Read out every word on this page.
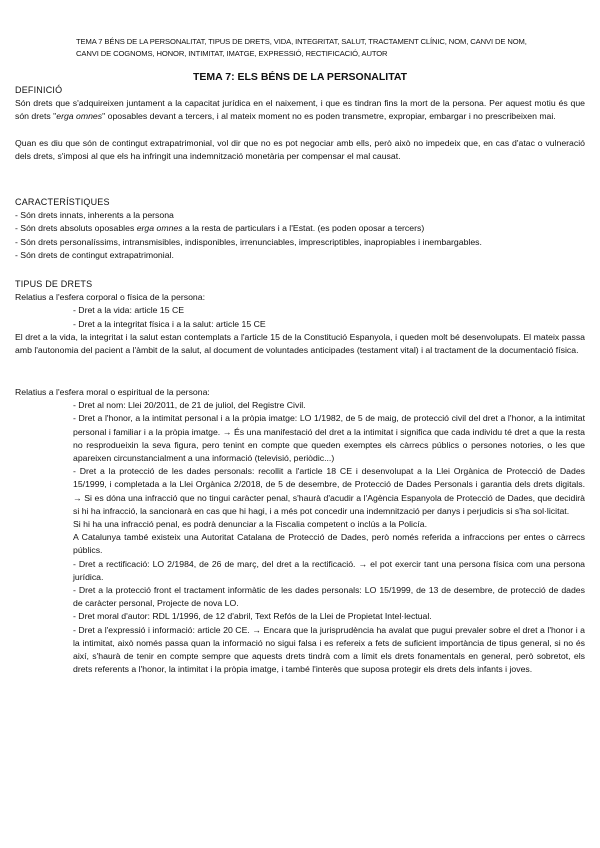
TEMA 7 BÉNS DE LA PERSONALITAT, TIPUS DE DRETS, VIDA, INTEGRITAT, SALUT, TRACTAMENT CLÍNIC, NOM, CANVI DE NOM, CANVI DE COGNOMS, HONOR, INTIMITAT, IMATGE, EXPRESSIÓ, RECTIFICACIÓ, AUTOR
TEMA 7: ELS BÉNS DE LA PERSONALITAT
DEFINICIÓ

Són drets que s'adquireixen juntament a la capacitat jurídica en el naixement, i que es tindran fins la mort de la persona. Per aquest motiu és que són drets "erga omnes" oposables devant a tercers, i al mateix moment no es poden transmetre, expropiar, embargar i no prescribeixen mai.

Quan es diu que són de contingut extrapatrimonial, vol dir que no es pot negociar amb ells, però això no impedeix que, en cas d'atac o vulneració dels drets, s'imposi al que els ha infringit una indemnització monetària per compensar el mal causat.

CARACTERÍSTIQUES

- Són drets innats, inherents a la persona

- Són drets absoluts oposables erga omnes a la resta de particulars i a l'Estat. (es poden oposar a tercers)

- Són drets personalíssims, intransmisibles, indisponibles, irrenunciables, imprescriptibles, inapropiables i inembargables.

- Són drets de contingut extrapatrimonial.

TIPUS DE DRETS

Relatius a l'esfera corporal o física de la persona:

- Dret a la vida: article 15 CE

- Dret a la integritat física i a la salut: article 15 CE

El dret a la vida, la integritat i la salut estan contemplats a l'article 15 de la Constitució Espanyola, i queden molt bé desenvolupats. El mateix passa amb l'autonomia del pacient a l'àmbit de la salut, al document de voluntades anticipades (testament vital) i al tractament de la documentació física.

Relatius a l'esfera moral o espiritual de la persona:

- Dret al nom: Llei 20/2011, de 21 de juliol, del Registre Civil.

- Dret a l'honor, a la intimitat personal i a la pròpia imatge: LO 1/1982, de 5 de maig, de protecció civil del dret a l'honor, a la intimitat personal i familiar i a la pròpia imatge. → És una manifestació del dret a la intimitat i significa que cada individu té dret a que la resta no resprodueixin la seva figura, pero tenint en compte que queden exemptes els càrrecs públics o persones notories, o les que apareixen circunstancialment a una informació (televisió, periòdic...)

- Dret a la protecció de les dades personals: recollit a l'article 18 CE i desenvolupat a la Llei Orgànica de Protecció de Dades 15/1999, i completada a la Llei Orgànica 2/2018, de 5 de desembre, de Protecció de Dades Personals i garantia dels drets digitals. → Si es dóna una infracció que no tingui caràcter penal, s'haurà d'acudir a l'Agència Espanyola de Protecció de Dades, que decidirà si hi ha infracció, la sancionarà en cas que hi hagi, i a més pot concedir una indemnització per danys i perjudicis si s'ha sol·licitat.

Si hi ha una infracció penal, es podrà denunciar a la Fiscalia competent o inclús a la Policía.

A Catalunya també existeix una Autoritat Catalana de Protecció de Dades, però només referida a infraccions per entes o càrrecs públics.

- Dret a rectificació: LO 2/1984, de 26 de març, del dret a la rectificació. → el pot exercir tant una persona física com una persona jurídica.

- Dret a la protecció front el tractament informàtic de les dades personals: LO 15/1999, de 13 de desembre, de protecció de dades de caràcter personal, Projecte de nova LO.

- Dret moral d'autor: RDL 1/1996, de 12 d'abril, Text Refós de la Llei de Propietat Intel·lectual.

- Dret a l'expressió i informació: article 20 CE. → Encara que la jurisprudència ha avalat que pugui prevaler sobre el dret a l'honor i a la intimitat, això només passa quan la informació no sigui falsa i es refereix a fets de suficient importància de tipus general, si no és així, s'haurà de tenir en compte sempre que aquests drets tindrà com a límit els drets fonamentals en general, però sobretot, els drets referents a l'honor, la intimitat i la pròpia imatge, i també l'interès que suposa protegir els drets dels infants i joves.
